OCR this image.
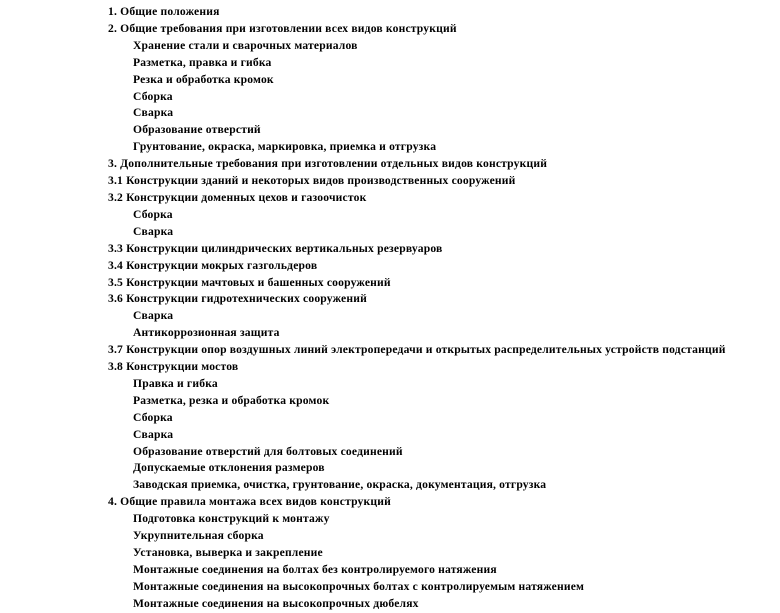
1. Общие положения
2. Общие требования при изготовлении всех видов конструкций
Хранение стали и сварочных материалов
Разметка, правка и гибка
Резка и обработка кромок
Сборка
Сварка
Образование отверстий
Грунтование, окраска, маркировка, приемка и отгрузка
3. Дополнительные требования при изготовлении отдельных видов конструкций
3.1 Конструкции зданий и некоторых видов производственных сооружений
3.2 Конструкции доменных цехов и газоочисток
Сборка
Сварка
3.3 Конструкции цилиндрических вертикальных резервуаров
3.4 Конструкции мокрых газгольдеров
3.5 Конструкции мачтовых и башенных сооружений
3.6 Конструкции гидротехнических сооружений
Сварка
Антикоррозионная защита
3.7 Конструкции опор воздушных линий электропередачи и открытых распределительных устройств подстанций
3.8 Конструкции мостов
Правка и гибка
Разметка, резка и обработка кромок
Сборка
Сварка
Образование отверстий для болтовых соединений
Допускаемые отклонения размеров
Заводская приемка, очистка, грунтование, окраска, документация, отгрузка
4. Общие правила монтажа всех видов конструкций
Подготовка конструкций к монтажу
Укрупнительная сборка
Установка, выверка и закрепление
Монтажные соединения на болтах без контролируемого натяжения
Монтажные соединения на высокопрочных болтах с контролируемым натяжением
Монтажные соединения на высокопрочных дюбелях
